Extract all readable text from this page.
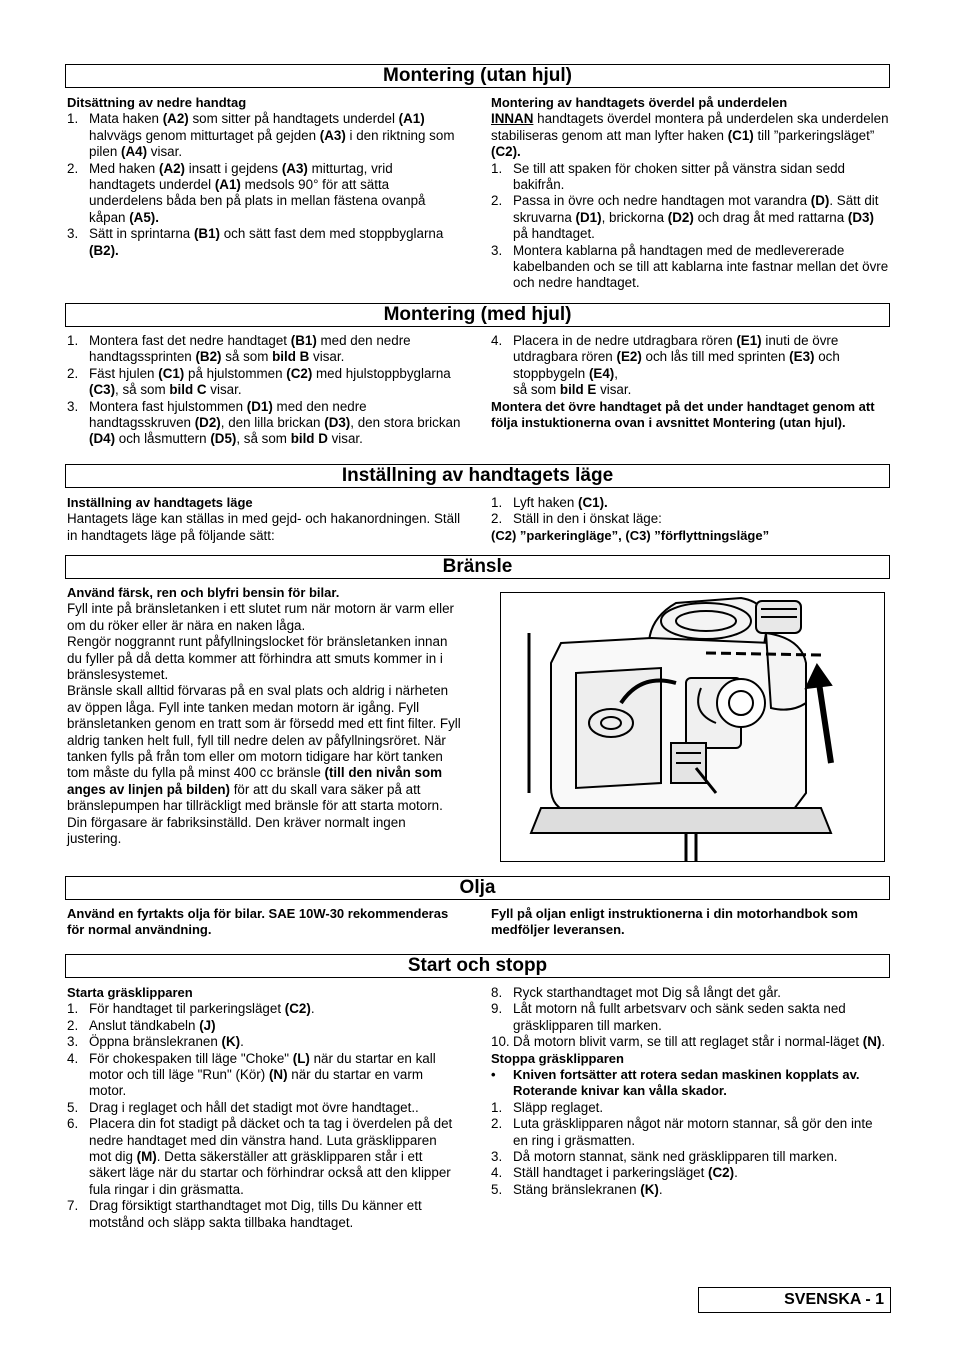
Montering (utan hjul)

Ditsättning av nedre handtag

1. Mata haken (A2) som sitter på handtagets underdel (A1) halvvägs genom mitturtaget på gejden (A3) i den riktning som pilen (A4) visar.
2. Med haken (A2) insatt i gejdens (A3) mitturtag, vrid handtagets underdel (A1) medsols 90° för att sätta underdelens båda ben på plats in mellan fästena ovanpå kåpan (A5).
3. Sätt in sprintarna (B1) och sätt fast dem med stoppbyglarna (B2).

Montering av handtagets överdel på underdelen

INNAN handtagets överdel montera på underdelen ska underdelen stabiliseras genom att man lyfter haken (C1) till ”parkeringsläget” (C2).

1. Se till att spaken för choken sitter på vänstra sidan sedd bakifrån.
2. Passa in övre och nedre handtagen mot varandra (D). Sätt dit skruvarna (D1), brickorna (D2) och drag åt med rattarna (D3) på handtaget.
3. Montera kablarna på handtagen med de medlevererade kabelbanden och se till att kablarna inte fastnar mellan det övre och nedre handtaget.
Montering (med hjul)
1. Montera fast det nedre handtaget (B1) med den nedre handtagssprinten (B2) så som bild B visar.
2. Fäst hjulen (C1) på hjulstommen (C2) med hjulstoppbyglarna (C3), så som bild C visar.
3. Montera fast hjulstommen (D1) med den nedre handtagsskruven (D2), den lilla brickan (D3), den stora brickan (D4) och låsmuttern (D5), så som bild D visar.
4. Placera in de nedre utdragbara rören (E1) inuti de övre utdragbara rören (E2) och lås till med sprinten (E3) och stoppbygeln (E4),
så som bild E visar.

Montera det övre handtaget på det under handtaget genom att följa instuktionerna ovan i avsnittet Montering (utan hjul).

Inställning av handtagets läge

Inställning av handtagets läge

Hantagets läge kan ställas in med gejd- och hakanordningen. Ställ in handtagets läge på följande sätt:

1. Lyft haken (C1).
2. Ställ in den i önskat läge:

(C2) ”parkeringläge”, (C3) ”förflyttningsläge”

Bränsle

Använd färsk, ren och blyfri bensin för bilar.

Fyll inte på bränsletanken i ett slutet rum när motorn är varm eller om du röker eller är nära en naken låga.
Rengör noggrannt runt påfyllningslocket för bränsletanken innan du fyller på då detta kommer att förhindra att smuts kommer in i bränslesystemet.
Bränsle skall alltid förvaras på en sval plats och aldrig i närheten av öppen låga. Fyll inte tanken medan motorn är igång. Fyll bränsletanken genom en tratt som är försedd med ett fint filter. Fyll aldrig tanken helt full, fyll till nedre delen av påfyllningsröret. När tanken fylls på från tom eller om motorn tidigare har kört tanken tom måste du fylla på minst 400 cc bränsle (till den nivån som anges av linjen på bilden) för att du skall vara säker på att bränslepumpen har tillräckligt med bränsle för att starta motorn. Din förgasare är fabriksinställd. Den kräver normalt ingen justering.

Olja

Använd en fyrtakts olja för bilar. SAE 10W-30 rekommenderas för normal användning.

Fyll på oljan enligt instruktionerna i din motorhandbok som medföljer leveransen.

Start och stopp

Starta gräsklipparen

1. För handtaget til parkeringsläget (C2).
2. Anslut tändkabeln (J)
3. Öppna bränslekranen (K).
4. För chokespaken till läge "Choke" (L) när du startar en kall motor och till läge "Run" (Kör) (N) när du startar en varm motor.
5. Drag i reglaget och håll det stadigt mot övre handtaget..
6. Placera din fot stadigt på däcket och ta tag i överdelen på det nedre handtaget med din vänstra hand. Luta gräsklipparen mot dig (M). Detta säkerställer att gräsklipparen står i ett säkert läge när du startar och förhindrar också att den klipper fula ringar i din gräsmatta.
7. Drag försiktigt starthandtaget mot Dig, tills Du känner ett motstånd och släpp sakta tillbaka handtaget.
8. Ryck starthandtaget mot Dig så långt det går.
9. Låt motorn nå fullt arbetsvarv och sänk seden sakta ned gräsklipparen till marken.
10. Då motorn blivit varm, se till att reglaget står i normal-läget (N).

Stoppa gräsklipparen

• Kniven fortsätter att rotera sedan maskinen kopplats av. Roterande knivar kan vålla skador.
1. Släpp reglaget.
2. Luta gräsklipparen något när motorn stannar, så gör den inte en ring i gräsmatten.
3. Då motorn stannat, sänk ned gräsklipparen till marken.
4. Ställ handtaget i parkeringsläget (C2).
5. Stäng bränslekranen (K).
SVENSKA - 1
